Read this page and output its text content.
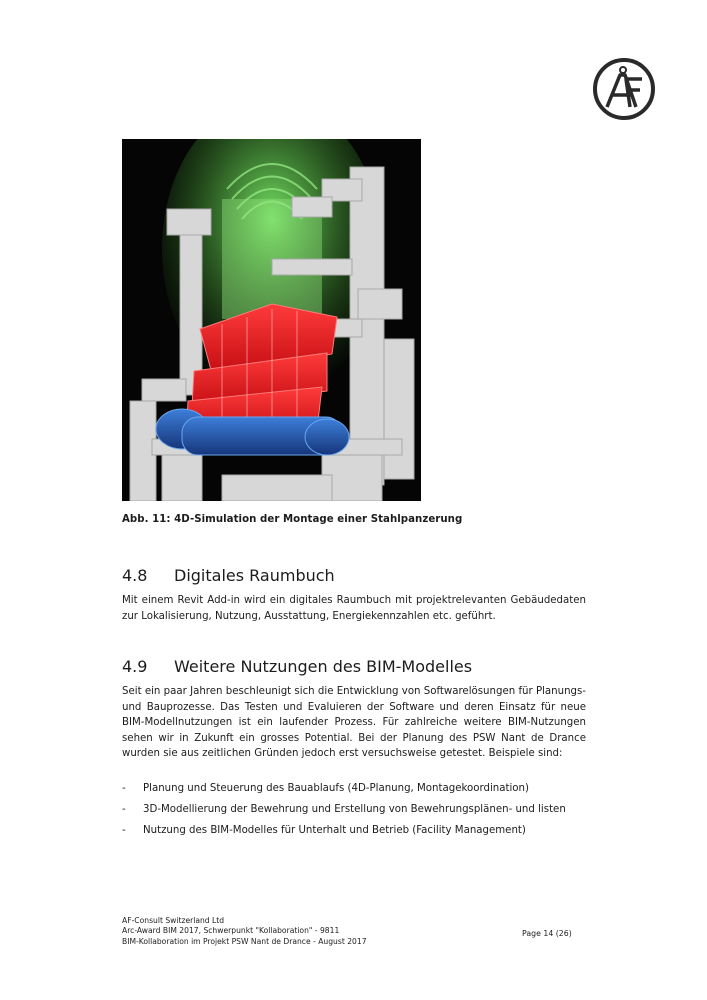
Abb. 11: 4D-Simulation der Montage einer Stahlpanzerung
4.8 Digitales Raumbuch
Mit einem Revit Add-in wird ein digitales Raumbuch mit projektrelevanten Gebäudedaten zur Lokalisierung, Nutzung, Ausstattung, Energiekennzahlen etc. geführt.
4.9 Weitere Nutzungen des BIM-Modelles
Seit ein paar Jahren beschleunigt sich die Entwicklung von Softwarelösungen für Planungs- und Bauprozesse. Das Testen und Evaluieren der Software und deren Einsatz für neue BIM-Modellnutzungen ist ein laufender Prozess. Für zahlreiche weitere BIM-Nutzungen sehen wir in Zukunft ein grosses Potential. Bei der Planung des PSW Nant de Drance wurden sie aus zeitlichen Gründen jedoch erst versuchsweise getestet. Beispiele sind:
- Planung und Steuerung des Bauablaufs (4D-Planung, Montagekoordination)
- 3D-Modellierung der Bewehrung und Erstellung von Bewehrungsplänen- und listen
- Nutzung des BIM-Modelles für Unterhalt und Betrieb (Facility Management)
AF-Consult Switzerland Ltd
Arc-Award BIM 2017, Schwerpunkt "Kollaboration" - 9811
BIM-Kollaboration im Projekt PSW Nant de Drance - August 2017
Page 14 (26)
